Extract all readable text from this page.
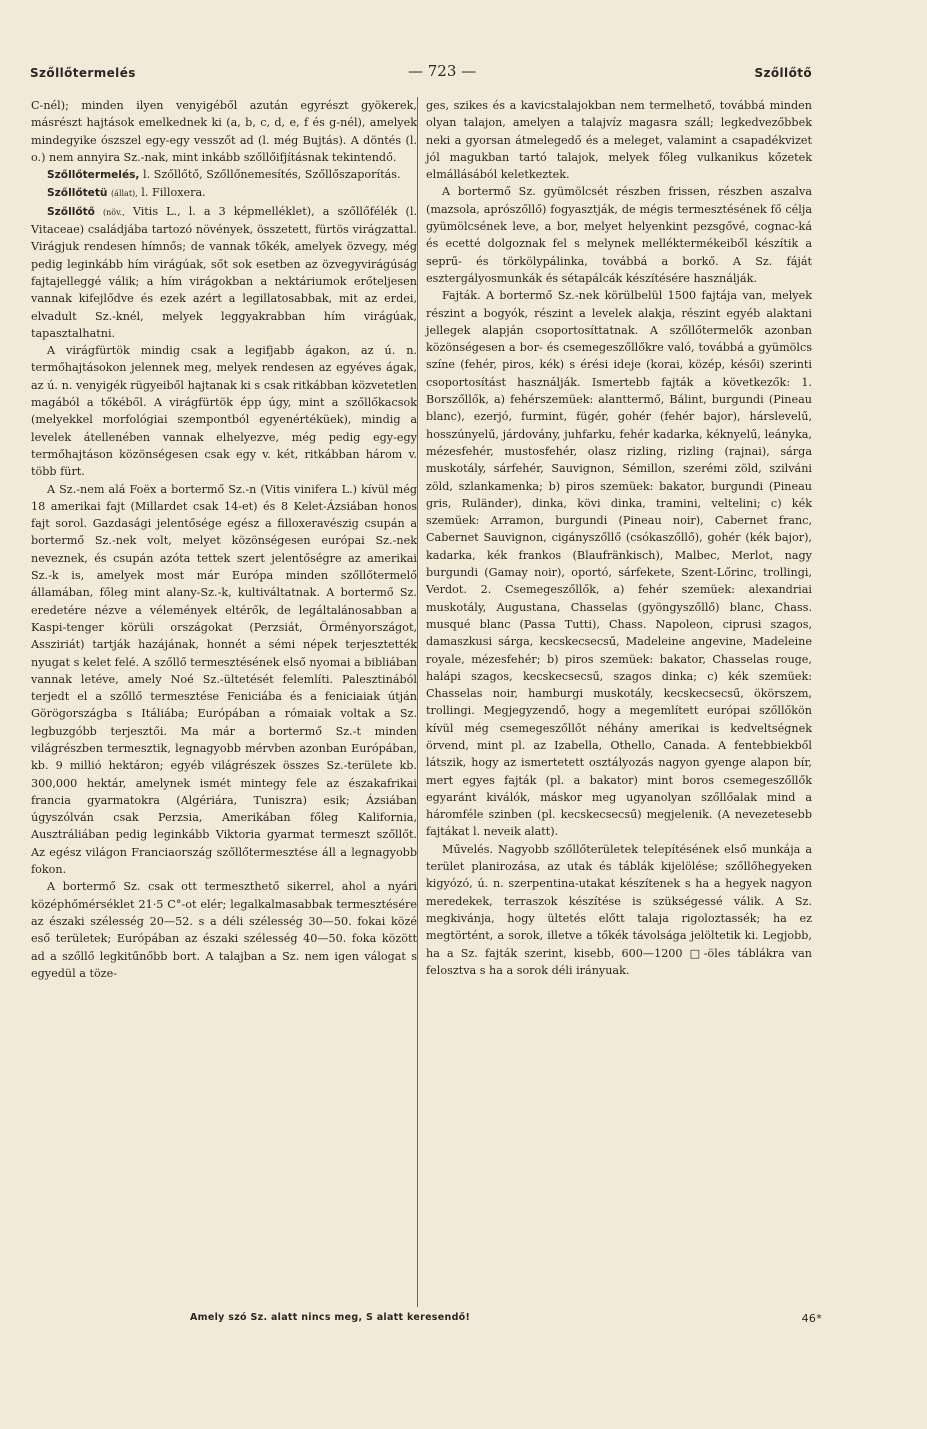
Szőllőtermelés	— 723 —	Szőllőtő

C-nél); minden ilyen venyigéből azután egyrészt gyökerek, másrészt hajtások emelkednek ki (a, b, c, d, e, f és g-nél), amelyek mindegyike ószszel egy-egy vesszőt ad (l. még Bujtás). A döntés (l. o.) nem annyira Sz.-nak, mint inkább szőllőifjításnak tekintendő.

Szőllőtermelés, l. Szőllőtő, Szőllőnemesítés, Szőllőszaporítás.

Szőllőtetü (állat), l. Filloxera.

Szőllőtő (növ., Vitis L., l. a 3 képmelléklet), a szőllőfélék (l. Vitaceae) családjába tartozó növények, összetett, fürtös virágzattal. Virágjuk rendesen hímnős; de vannak tőkék, amelyek özvegy, még pedig leginkább hím virágúak, sőt sok esetben az özvegyvirágúság fajtajelleggé válik; a hím virágokban a nektáriumok erőteljesen vannak kifejlődve és ezek azért a legillatosabbak, mit az erdei, elvadult Sz.-knél, melyek leggyakrabban hím virágúak, tapasztalhatni.

A virágfürtök mindig csak a legifjabb ágakon, az ú. n. termőhajtásokon jelennek meg, melyek rendesen az egyéves ágak, az ú. n. venyigék rügyeiből hajtanak ki s csak ritkábban közvetetlen magából a tőkéből. A virágfürtök épp úgy, mint a szőllőkacsok (melyekkel morfológiai szempontból egyenértéküek), mindig a levelek átellenében vannak elhelyezve, még pedig egy-egy termőhajtáson közönségesen csak egy v. két, ritkábban három v. több fürt.

A Sz.-nem alá Foëx a bortermő Sz.-n (Vitis vinifera L.) kívül még 18 amerikai fajt (Millardet csak 14-et) és 8 Kelet-Ázsiában honos fajt sorol. Gazdasági jelentősége egész a filloxeravészig csupán a bortermő Sz.-nek volt, melyet közönségesen európai Sz.-nek neveznek, és csupán azóta tettek szert jelentőségre az amerikai Sz.-k is, amelyek most már Európa minden szőllőtermelő államában, főleg mint alany-Sz.-k, kultiváltatnak. A bortermő Sz. eredetére nézve a vélemények eltérők, de legáltalánosabban a Kaspi-tenger körüli országokat (Perzsiát, Örményországot, Assziriát) tartják hazájának, honnét a sémi népek terjesztették nyugat s kelet felé. A szőllő termesztésének első nyomai a bibliában vannak letéve, amely Noé Sz.-ültetését felemlíti. Palesztinából terjedt el a szőllő termesztése Feniciába és a feniciaiak útján Görögországba s Itáliába; Európában a rómaiak voltak a Sz. legbuzgóbb terjesztői. Ma már a bortermő Sz.-t minden világrészben termesztik, legnagyobb mérvben azonban Európában, kb. 9 millió hektáron; egyéb világrészek összes Sz.-területe kb. 300,000 hektár, amelynek ismét mintegy fele az északafrikai francia gyarmatokra (Algériára, Tuniszra) esik; Ázsiában úgyszólván csak Perzsia, Amerikában főleg Kalifornia, Ausztráliában pedig leginkább Viktoria gyarmat termeszt szőllőt. Az egész világon Franciaország szőllőtermesztése áll a legnagyobb fokon.

A bortermő Sz. csak ott termeszthető sikerrel, ahol a nyári középhőmérséklet 21·5 C°-ot elér; legalkalmasabbak termesztésére az északi szélesség 20—52. s a déli szélesség 30—50. fokai közé eső területek; Európában az északi szélesség 40—50. foka között ad a szőllő legkitűnőbb bort. A talajban a Sz. nem igen válogat s egyedül a töze-

ges, szikes és a kavicstalajokban nem termelhető, továbbá minden olyan talajon, amelyen a talajvíz magasra száll; legkedvezőbbek neki a gyorsan átmelegedő és a meleget, valamint a csapadékvizet jól magukban tartó talajok, melyek főleg vulkanikus kőzetek elmállásából keletkeztek.

A bortermő Sz. gyümölcsét részben frissen, részben aszalva (mazsola, aprószőllő) fogyasztják, de mégis termesztésének fő célja gyümölcsének leve, a bor, melyet helyenkint pezsgővé, cognac-ká és ecetté dolgoznak fel s melynek melléktermékeiből készítik a seprű- és törkölypálinka, továbbá a borkő. A Sz. fáját esztergályosmunkák és sétapálcák készítésére használják.

Fajták. A bortermő Sz.-nek körülbelül 1500 fajtája van, melyek részint a bogyók, részint a levelek alakja, részint egyéb alaktani jellegek alapján csoportosíttatnak. A szőllőtermelők azonban közönségesen a bor- és csemegeszőllőkre való, továbbá a gyümölcs színe (fehér, piros, kék) s érési ideje (korai, közép, késői) szerinti csoportosítást használják. Ismertebb fajták a következők: 1. Borszőllők, a) fehérszemüek: alanttermő, Bálint, burgundi (Pineau blanc), ezerjó, furmint, fügér, gohér (fehér bajor), hárslevelű, hosszúnyelű, járdovány, juhfarku, fehér kadarka, kéknyelű, leányka, mézesfehér, mustosfehér, olasz rizling, rizling (rajnai), sárga muskotály, sárfehér, Sauvignon, Sémillon, szerémi zöld, szilváni zöld, szlankamenka; b) piros szemüek: bakator, burgundi (Pineau gris, Ruländer), dinka, kövi dinka, tramini, veltelini; c) kék szemüek: Arramon, burgundi (Pineau noir), Cabernet franc, Cabernet Sauvignon, cigányszőllő (csókaszőllő), gohér (kék bajor), kadarka, kék frankos (Blaufränkisch), Malbec, Merlot, nagy burgundi (Gamay noir), oportó, sárfekete, Szent-Lőrinc, trollingi, Verdot. 2. Csemegeszőllők, a) fehér szemüek: alexandriai muskotály, Augustana, Chasselas (gyöngyszőllő) blanc, Chass. musqué blanc (Passa Tutti), Chass. Napoleon, ciprusi szagos, damaszkusi sárga, kecskecsecsű, Madeleine angevine, Madeleine royale, mézesfehér; b) piros szemüek: bakator, Chasselas rouge, halápi szagos, kecskecsecsű, szagos dinka; c) kék szemüek: Chasselas noir, hamburgi muskotály, kecskecsecsű, ökörszem, trollingi. Megjegyzendő, hogy a megemlített európai szőllőkön kívül még csemegeszőllőt néhány amerikai is kedveltségnek örvend, mint pl. az Izabella, Othello, Canada. A fentebbiekből látszik, hogy az ismertetett osztályozás nagyon gyenge alapon bír, mert egyes fajták (pl. a bakator) mint boros csemegeszőllők egyaránt kiválók, máskor meg ugyanolyan szőllőalak mind a háromféle szinben (pl. kecskecsecsű) megjelenik. (A nevezetesebb fajtákat l. neveik alatt).

Művelés. Nagyobb szőllőterületek telepítésének első munkája a terület planirozása, az utak és táblák kijelölése; szőllőhegyeken kigyózó, ú. n. szerpentina-utakat készítenek s ha a hegyek nagyon meredekek, terraszok készítése is szükségessé válik. A Sz. megkivánja, hogy ültetés előtt talaja rigoloztassék; ha ez megtörtént, a sorok, illetve a tőkék távolsága jelöltetik ki. Legjobb, ha a Sz. fajták szerint, kisebb, 600—1200 □-öles táblákra van felosztva s ha a sorok déli irányuak.

Amely szó Sz. alatt nincs meg, S alatt keresendő!	46*
